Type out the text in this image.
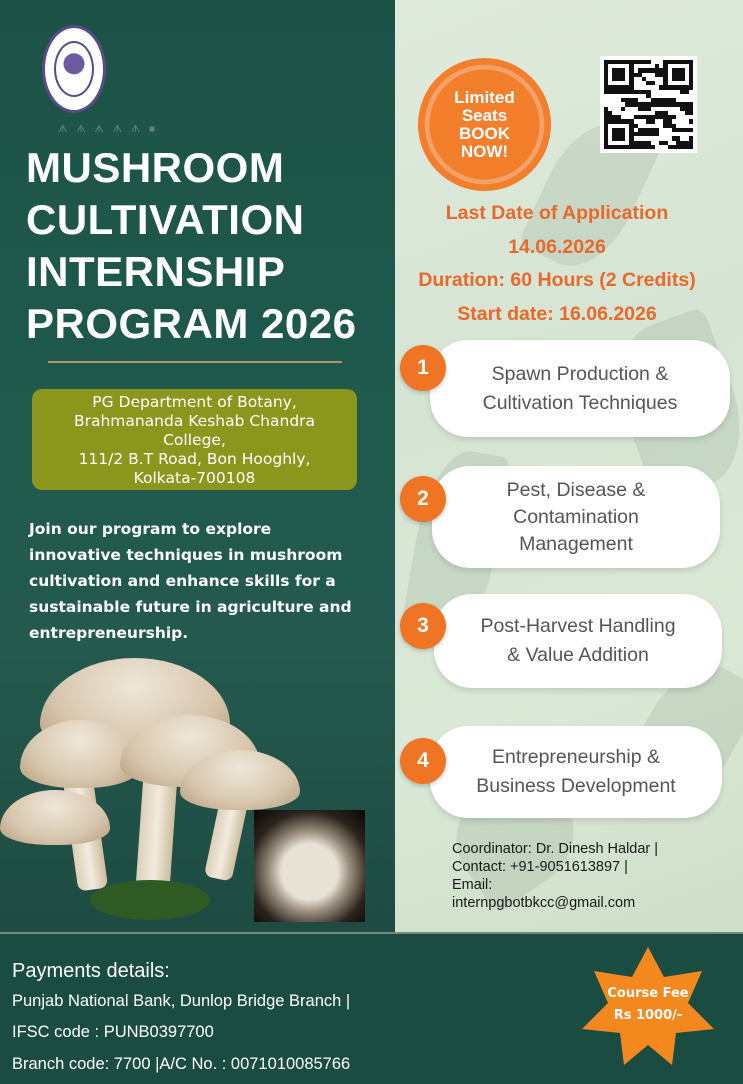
ᗑ ᗑ ᗑ ᗑ ᗑ ■
MUSHROOM
CULTIVATION
INTERNSHIP
PROGRAM 2026
PG Department of Botany,
Brahmananda Keshab Chandra
College,
111/2 B.T Road, Bon Hooghly,
Kolkata-700108
Join our program to explore
innovative techniques in mushroom
cultivation and enhance skills for a
sustainable future in agriculture and
entrepreneurship.
Limited
Seats
BOOK
NOW!
Last Date of Application
14.06.2026
Duration: 60 Hours (2 Credits)
Start date: 16.06.2026
Spawn Production &
Cultivation Techniques
1
Pest, Disease &
Contamination
Management
2
Post-Harvest Handling
& Value Addition
3
Entrepreneurship &
Business Development
4
Coordinator: Dr. Dinesh Haldar |
Contact: +91-9051613897 |
Email:
internpgbotbkcc@gmail.com
Payments details:
Punjab National Bank, Dunlop Bridge Branch |
IFSC code : PUNB0397700
Branch code: 7700 |A/C No. : 0071010085766
Course Fee
Rs 1000/-
